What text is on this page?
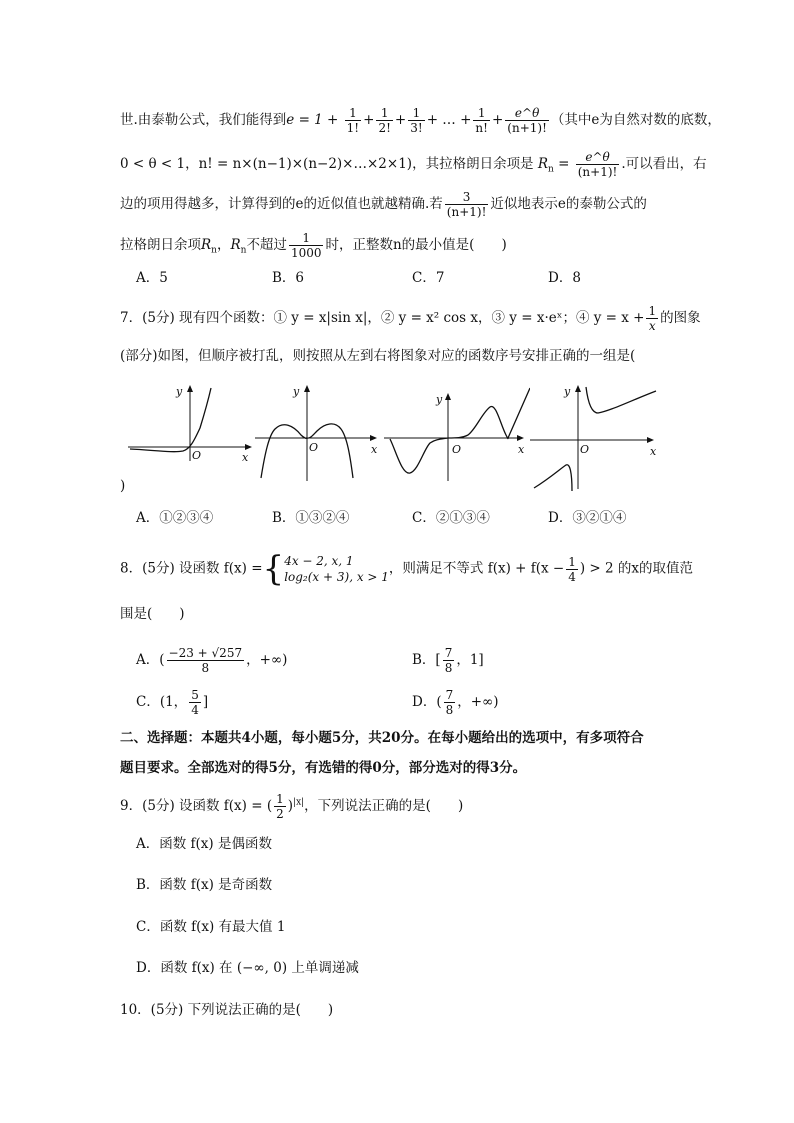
世.由泰勒公式，我们能得到$e = 1 + \frac{1}{1!} + \frac{1}{2!} + \frac{1}{3!}$ + … + $\frac{1}{n!} + \frac{e\^{}\theta}{(n+1)!}$ （其中e为自然对数的底数，
0 < θ < 1，n! = n×(n−1)×(n−2)×…×2×1)，其拉格朗日余项是 $R_n = \frac{e\^{}\theta}{(n+1)!}$ .可以看出，右
边的项用得越多，计算得到的e的近似值也就越精确.若 $\frac{3}{(n+1)!}$ 近似地表示e的泰勒公式的
拉格朗日余项$R_n$，$R_n$不超过 $\frac{1}{1000}$ 时，正整数n的最小值是(　　)
A．5	B．6	C．7	D．8
7．(5分) 现有四个函数：① y = x|sin x|，② y = x² cos x，③ y = x·eˣ；④ $y = x + \frac{1}{x}$ 的图象
(部分)如图，但顺序被打乱，则按照从左到右将图象对应的函数序号安排正确的一组是(
y
x
O
y
x
O
y
x
O
y
x
O
)
A．①②③④	B．①③②④	C．②①③④	D．③②①④
8．(5分) 设函数 f(x) ={ 4x − 2, x, 1
log₂(x + 3), x > 1
，则满足不等式 $f(x) + f(x - \frac{1}{4}$ ) > 2 的x的取值范
围是(　　)
A．( $\frac{-23 + √257}{8}$ ，+∞)	B．[ $\frac{7}{8}$ ，1]
C．(1， $\frac{5}{4}$ ]	D．( $\frac{7}{8}$ ，+∞)
二、选择题：本题共4小题，每小题5分，共20分。在每小题给出的选项中，有多项符合
题目要求。全部选对的得5分，有选错的得0分，部分选对的得3分。
9．(5分) 设函数 f(x) = ( $\frac{1}{2} )^{|x|}$，下列说法正确的是(　　)
A．函数 f(x) 是偶函数
B．函数 f(x) 是奇函数
C．函数 f(x) 有最大值 1
D．函数 f(x) 在 (−∞, 0) 上单调递减
10．(5分) 下列说法正确的是(　　)
